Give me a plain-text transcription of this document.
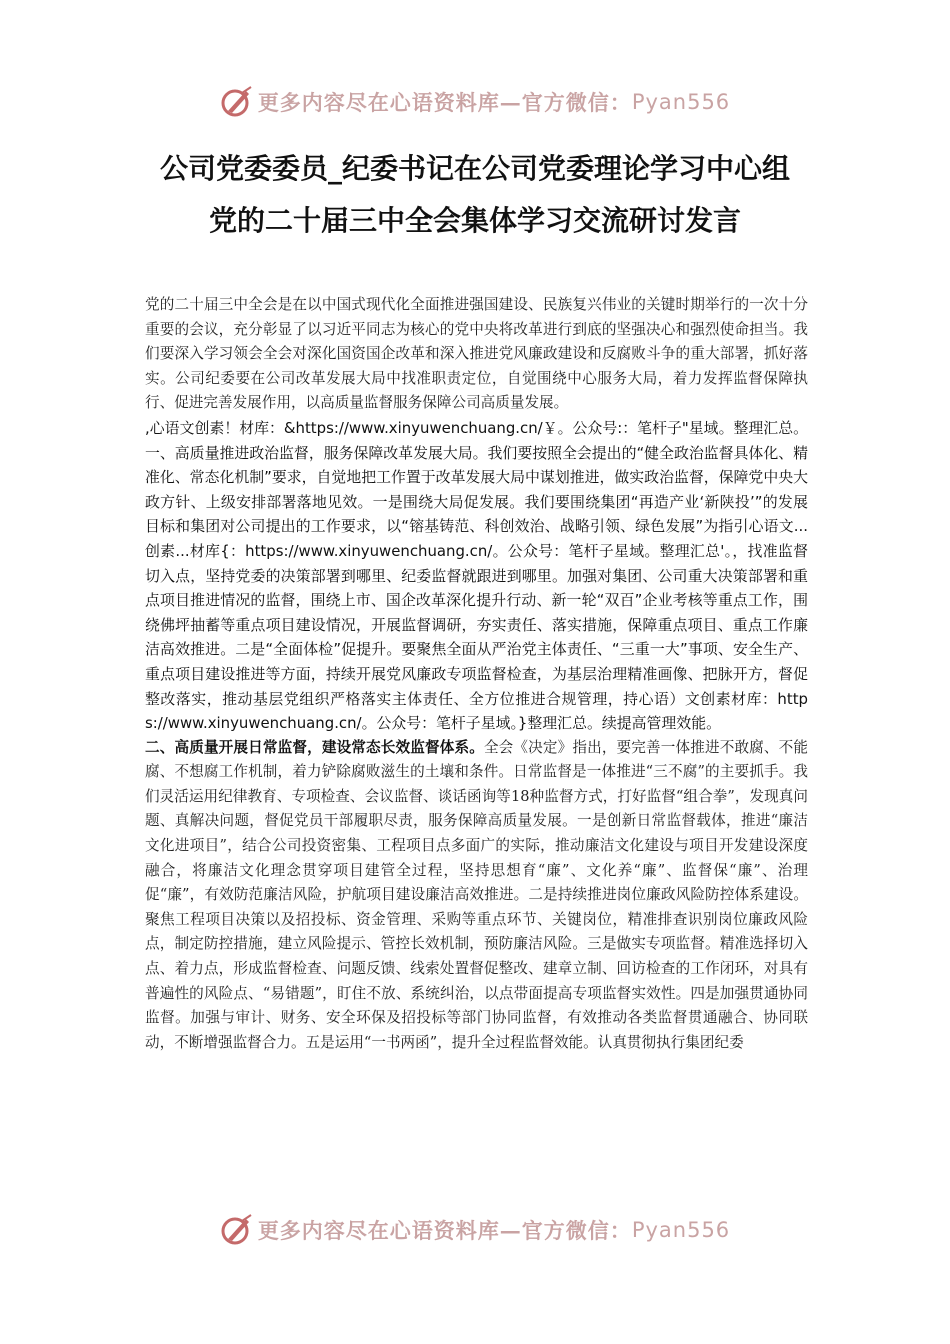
更多内容尽在心语资料库—官方微信： Pyan556
公司党委委员_纪委书记在公司党委理论学习中心组
党的二十届三中全会集体学习交流研讨发言

党的二十届三中全会是在以中国式现代化全面推进强国建设、民族复兴伟业的关键时期举行的一次十分重要的会议，充分彰显了以习近平同志为核心的党中央将改革进行到底的坚强决心和强烈使命担当。我们要深入学习领会全会对深化国资国企改革和深入推进党风廉政建设和反腐败斗争的重大部署，抓好落实。公司纪委要在公司改革发展大局中找准职责定位，自觉围绕中心服务大局，着力发挥监督保障执行、促进完善发展作用，以高质量监督服务保障公司高质量发展。

,心语文创素！材库：&https://www.xinyuwenchuang.cn/￥。公众号:：笔杆子"星域。整理汇总。一、高质量推进政治监督，服务保障改革发展大局。我们要按照全会提出的“健全政治监督具体化、精准化、常态化机制”要求，自觉地把工作置于改革发展大局中谋划推进，做实政治监督，保障党中央大政方针、上级安排部署落地见效。一是围绕大局促发展。我们要围绕集团“再造产业‘新陕投’”的发展目标和集团对公司提出的工作要求，以“镕基铸范、科创效治、战略引领、绿色发展”为指引心语文...创素...材库{：https://www.xinyuwenchuang.cn/。公众号：笔杆子星域。整理汇总'。，找准监督切入点，坚持党委的决策部署到哪里、纪委监督就跟进到哪里。加强对集团、公司重大决策部署和重点项目推进情况的监督，围绕上市、国企改革深化提升行动、新一轮“双百”企业考核等重点工作，围绕佛坪抽蓄等重点项目建设情况，开展监督调研，夯实责任、落实措施，保障重点项目、重点工作廉洁高效推进。二是“全面体检”促提升。要聚焦全面从严治党主体责任、“三重一大”事项、安全生产、重点项目建设推进等方面，持续开展党风廉政专项监督检查，为基层治理精准画像、把脉开方，督促整改落实，推动基层党组织严格落实主体责任、全方位推进合规管理，持心语）文创素材库：https://www.xinyuwenchuang.cn/。公众号：笔杆子星域。}整理汇总。续提高管理效能。

二、高质量开展日常监督，建设常态长效监督体系。全会《决定》指出，要完善一体推进不敢腐、不能腐、不想腐工作机制，着力铲除腐败滋生的土壤和条件。日常监督是一体推进“三不腐”的主要抓手。我们灵活运用纪律教育、专项检查、会议监督、谈话函询等18种监督方式，打好监督“组合拳”，发现真问题、真解决问题，督促党员干部履职尽责，服务保障高质量发展。一是创新日常监督载体，推进“廉洁文化进项目”，结合公司投资密集、工程项目点多面广的实际，推动廉洁文化建设与项目开发建设深度融合，将廉洁文化理念贯穿项目建管全过程，坚持思想育“廉”、文化养“廉”、监督保“廉”、治理促“廉”，有效防范廉洁风险，护航项目建设廉洁高效推进。二是持续推进岗位廉政风险防控体系建设。聚焦工程项目决策以及招投标、资金管理、采购等重点环节、关键岗位，精准排查识别岗位廉政风险点，制定防控措施，建立风险提示、管控长效机制，预防廉洁风险。三是做实专项监督。精准选择切入点、着力点，形成监督检查、问题反馈、线索处置督促整改、建章立制、回访检查的工作闭环，对具有普遍性的风险点、“易错题”，盯住不放、系统纠治，以点带面提高专项监督实效性。四是加强贯通协同监督。加强与审计、财务、安全环保及招投标等部门协同监督，有效推动各类监督贯通融合、协同联动，不断增强监督合力。五是运用“一书两函”，提升全过程监督效能。认真贯彻执行集团纪委

更多内容尽在心语资料库—官方微信： Pyan556
